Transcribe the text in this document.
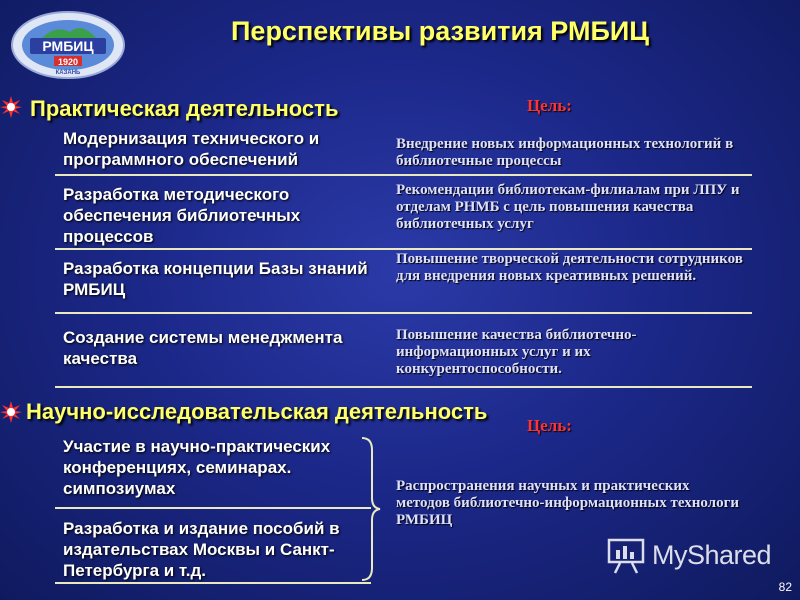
РМБИЦ
1920
КАЗАНЬ
Перспективы развития РМБИЦ
Практическая деятельность	Цель:
Модернизация технического и программного обеспечений
Внедрение новых информационных технологий в библиотечные процессы
Разработка методического обеспечения библиотечных процессов
Рекомендации библиотекам-филиалам при ЛПУ и отделам РНМБ с цель повышения качества библиотечных услуг
Разработка концепции Базы знаний РМБИЦ
Повышение творческой деятельности сотрудников для внедрения новых креативных решений.
Создание системы менеджмента качества
Повышение качества библиотечно-информационных услуг и их конкурентоспособности.
Научно-исследовательская деятельность
Цель:
Участие в научно-практических конференциях, семинарах. симпозиумах
Разработка и издание пособий в издательствах Москвы и Санкт-Петербурга и т.д.
Распространения научных и практических методов библиотечно-информационных технологи РМБИЦ
MyShared
82
